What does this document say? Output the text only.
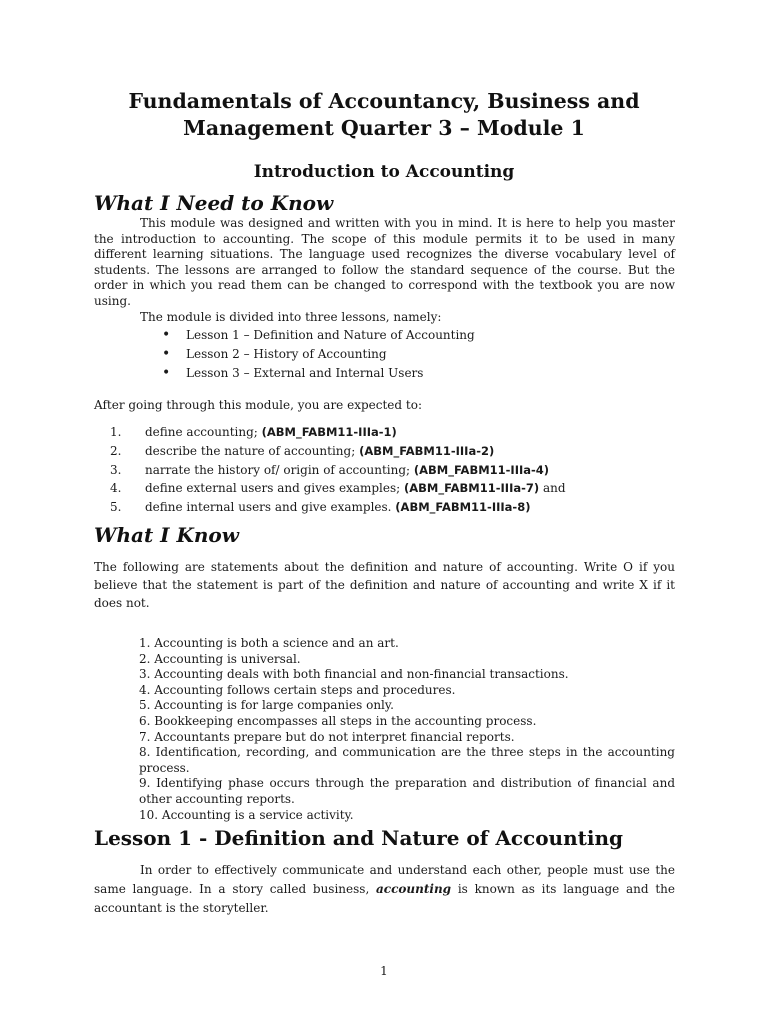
Fundamentals of Accountancy, Business and
Management Quarter 3 – Module 1
Introduction to Accounting
What I Need to Know
This module was designed and written with you in mind. It is here to help you master the introduction to accounting. The scope of this module permits it to be used in many different learning situations. The language used recognizes the diverse vocabulary level of students. The lessons are arranged to follow the standard sequence of the course. But the order in which you read them can be changed to correspond with the textbook you are now using.
The module is divided into three lessons, namely:
• Lesson 1 – Definition and Nature of Accounting
• Lesson 2 – History of Accounting
• Lesson 3 – External and Internal Users
After going through this module, you are expected to:
1. define accounting; (ABM_FABM11-IIIa-1)
2. describe the nature of accounting; (ABM_FABM11-IIIa-2)
3. narrate the history of/ origin of accounting; (ABM_FABM11-IIIa-4)
4. define external users and gives examples; (ABM_FABM11-IIIa-7) and
5. define internal users and give examples. (ABM_FABM11-IIIa-8)
What I Know
The following are statements about the definition and nature of accounting. Write O if you believe that the statement is part of the definition and nature of accounting and write X if it does not.
1. Accounting is both a science and an art.
2. Accounting is universal.
3. Accounting deals with both financial and non-financial transactions.
4. Accounting follows certain steps and procedures.
5. Accounting is for large companies only.
6. Bookkeeping encompasses all steps in the accounting process.
7. Accountants prepare but do not interpret financial reports.
8. Identification, recording, and communication are the three steps in the accounting process.
9. Identifying phase occurs through the preparation and distribution of financial and other accounting reports.
10. Accounting is a service activity.
Lesson 1 - Definition and Nature of Accounting
In order to effectively communicate and understand each other, people must use the same language. In a story called business, accounting is known as its language and the accountant is the storyteller.
1
